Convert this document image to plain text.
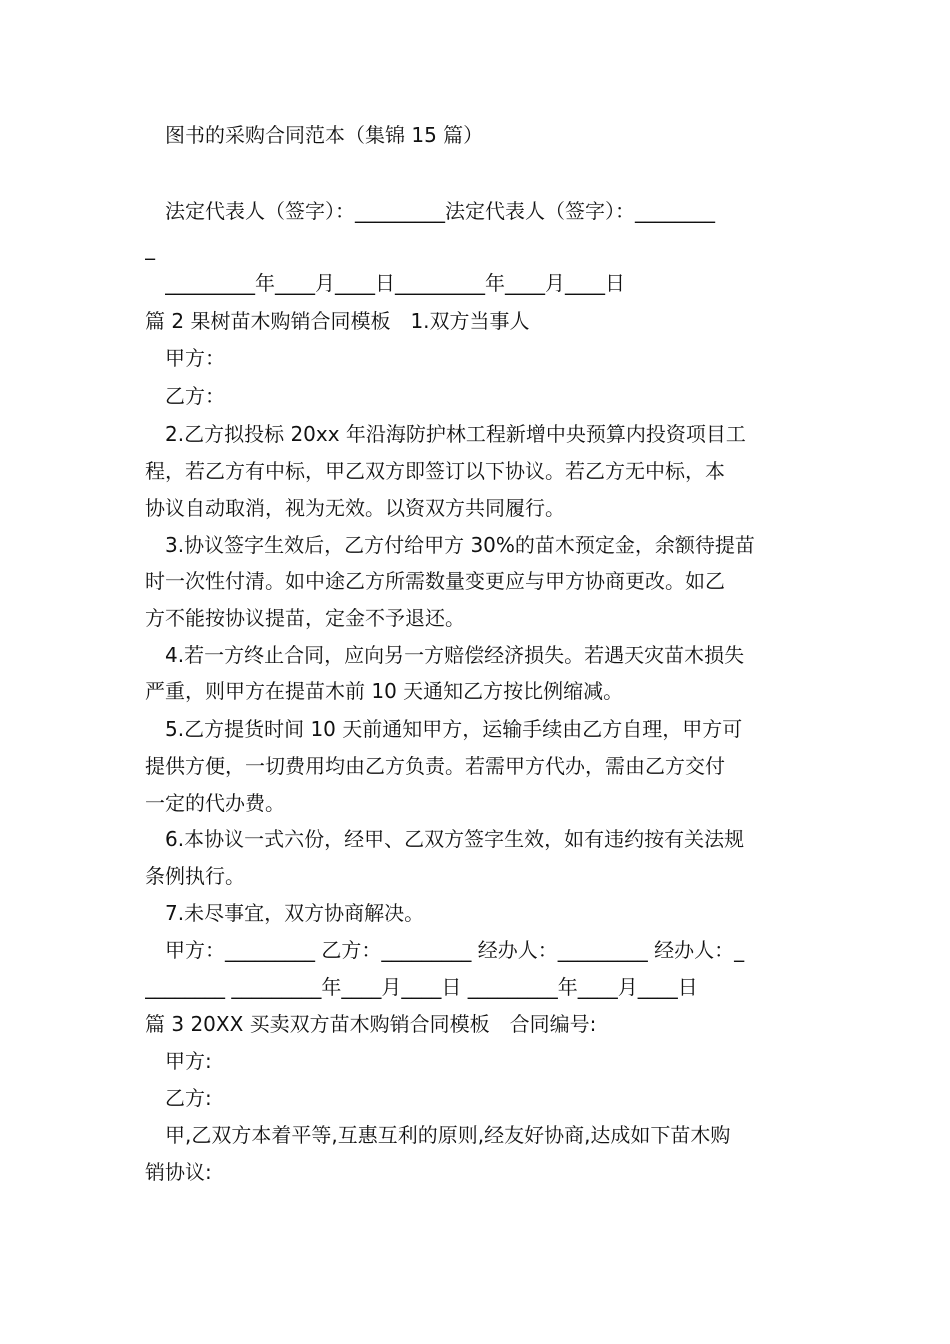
图书的采购合同范本（集锦 15 篇）
法定代表人（签字）：_________法定代表人（签字）：________
_
_________年____月____日_________年____月____日
篇 2 果树苗木购销合同模板　1.双方当事人
甲方：
乙方：
2.乙方拟投标 20xx 年沿海防护林工程新增中央预算内投资项目工
程，若乙方有中标，甲乙双方即签订以下协议。若乙方无中标，本
协议自动取消，视为无效。以资双方共同履行。
3.协议签字生效后，乙方付给甲方 30%的苗木预定金，余额待提苗
时一次性付清。如中途乙方所需数量变更应与甲方协商更改。如乙
方不能按协议提苗，定金不予退还。
4.若一方终止合同，应向另一方赔偿经济损失。若遇天灾苗木损失
严重，则甲方在提苗木前 10 天通知乙方按比例缩减。
5.乙方提货时间 10 天前通知甲方，运输手续由乙方自理，甲方可
提供方便，一切费用均由乙方负责。若需甲方代办，需由乙方交付
一定的代办费。
6.本协议一式六份，经甲、乙双方签字生效，如有违约按有关法规
条例执行。
7.未尽事宜，双方协商解决。
甲方：_________ 乙方：_________ 经办人：_________ 经办人：_
________ _________年____月____日 _________年____月____日
篇 3 20XX 买卖双方苗木购销合同模板　合同编号:
甲方:
乙方:
甲,乙双方本着平等,互惠互利的原则,经友好协商,达成如下苗木购
销协议:
